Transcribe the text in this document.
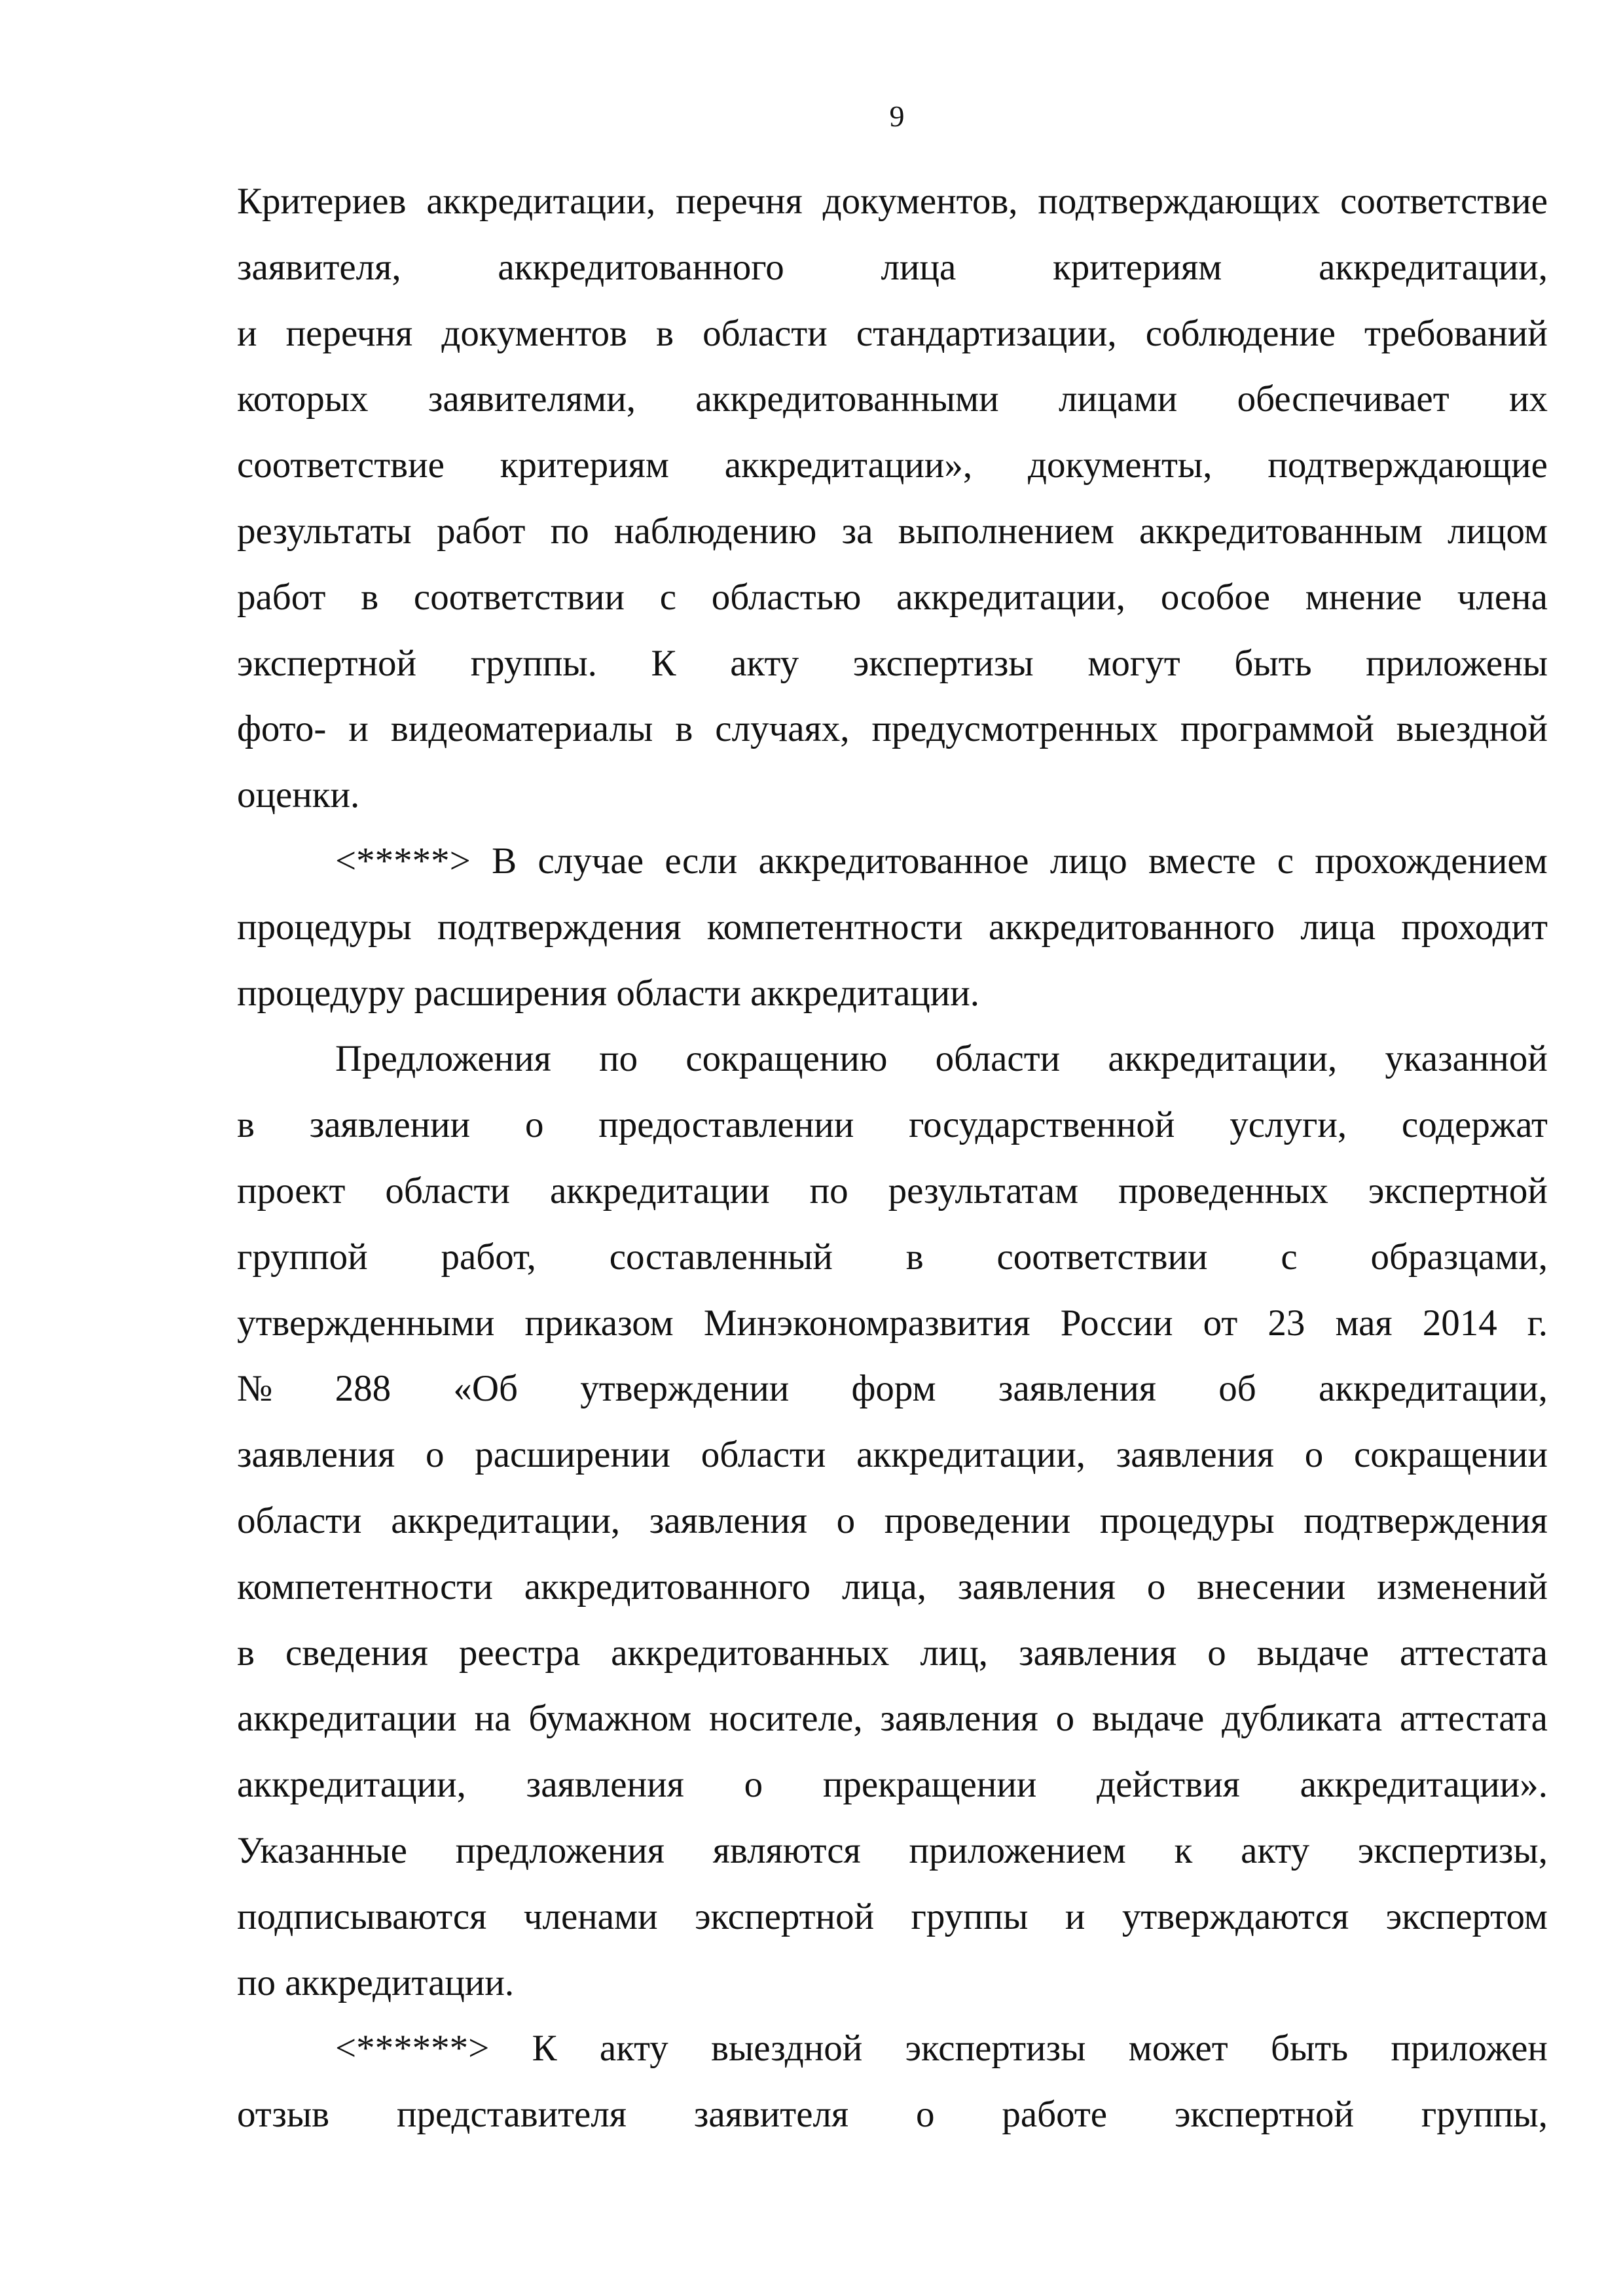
9
Критериев аккредитации, перечня документов, подтверждающих соответствие
заявителя,	аккредитованного	лица	критериям	аккредитации,
и перечня документов в области стандартизации, соблюдение требований
которых заявителями, аккредитованными лицами обеспечивает их
соответствие критериям аккредитации», документы, подтверждающие
результаты работ по наблюдению за выполнением аккредитованным лицом
работ в соответствии с областью аккредитации, особое мнение члена
экспертной группы. К акту экспертизы могут быть приложены
фото- и видеоматериалы в случаях, предусмотренных программой выездной
оценки.
<*****> В случае если аккредитованное лицо вместе с прохождением
процедуры подтверждения компетентности аккредитованного лица проходит
процедуру расширения области аккредитации.
Предложения по сокращению области аккредитации, указанной
в заявлении о предоставлении государственной услуги, содержат
проект области аккредитации по результатам проведенных экспертной
группой работ, составленный в соответствии с образцами,
утвержденными приказом Минэкономразвития России от 23 мая 2014 г.
№ 288 «Об утверждении форм заявления об аккредитации,
заявления о расширении области аккредитации, заявления о сокращении
области аккредитации, заявления о проведении процедуры подтверждения
компетентности аккредитованного лица, заявления о внесении изменений
в сведения реестра аккредитованных лиц, заявления о выдаче аттестата
аккредитации на бумажном носителе, заявления о выдаче дубликата аттестата
аккредитации, заявления о прекращении действия аккредитации».
Указанные предложения являются приложением к акту экспертизы,
подписываются членами экспертной группы и утверждаются экспертом
по аккредитации.
<******> К акту выездной экспертизы может быть приложен
отзыв представителя заявителя о работе экспертной группы,
